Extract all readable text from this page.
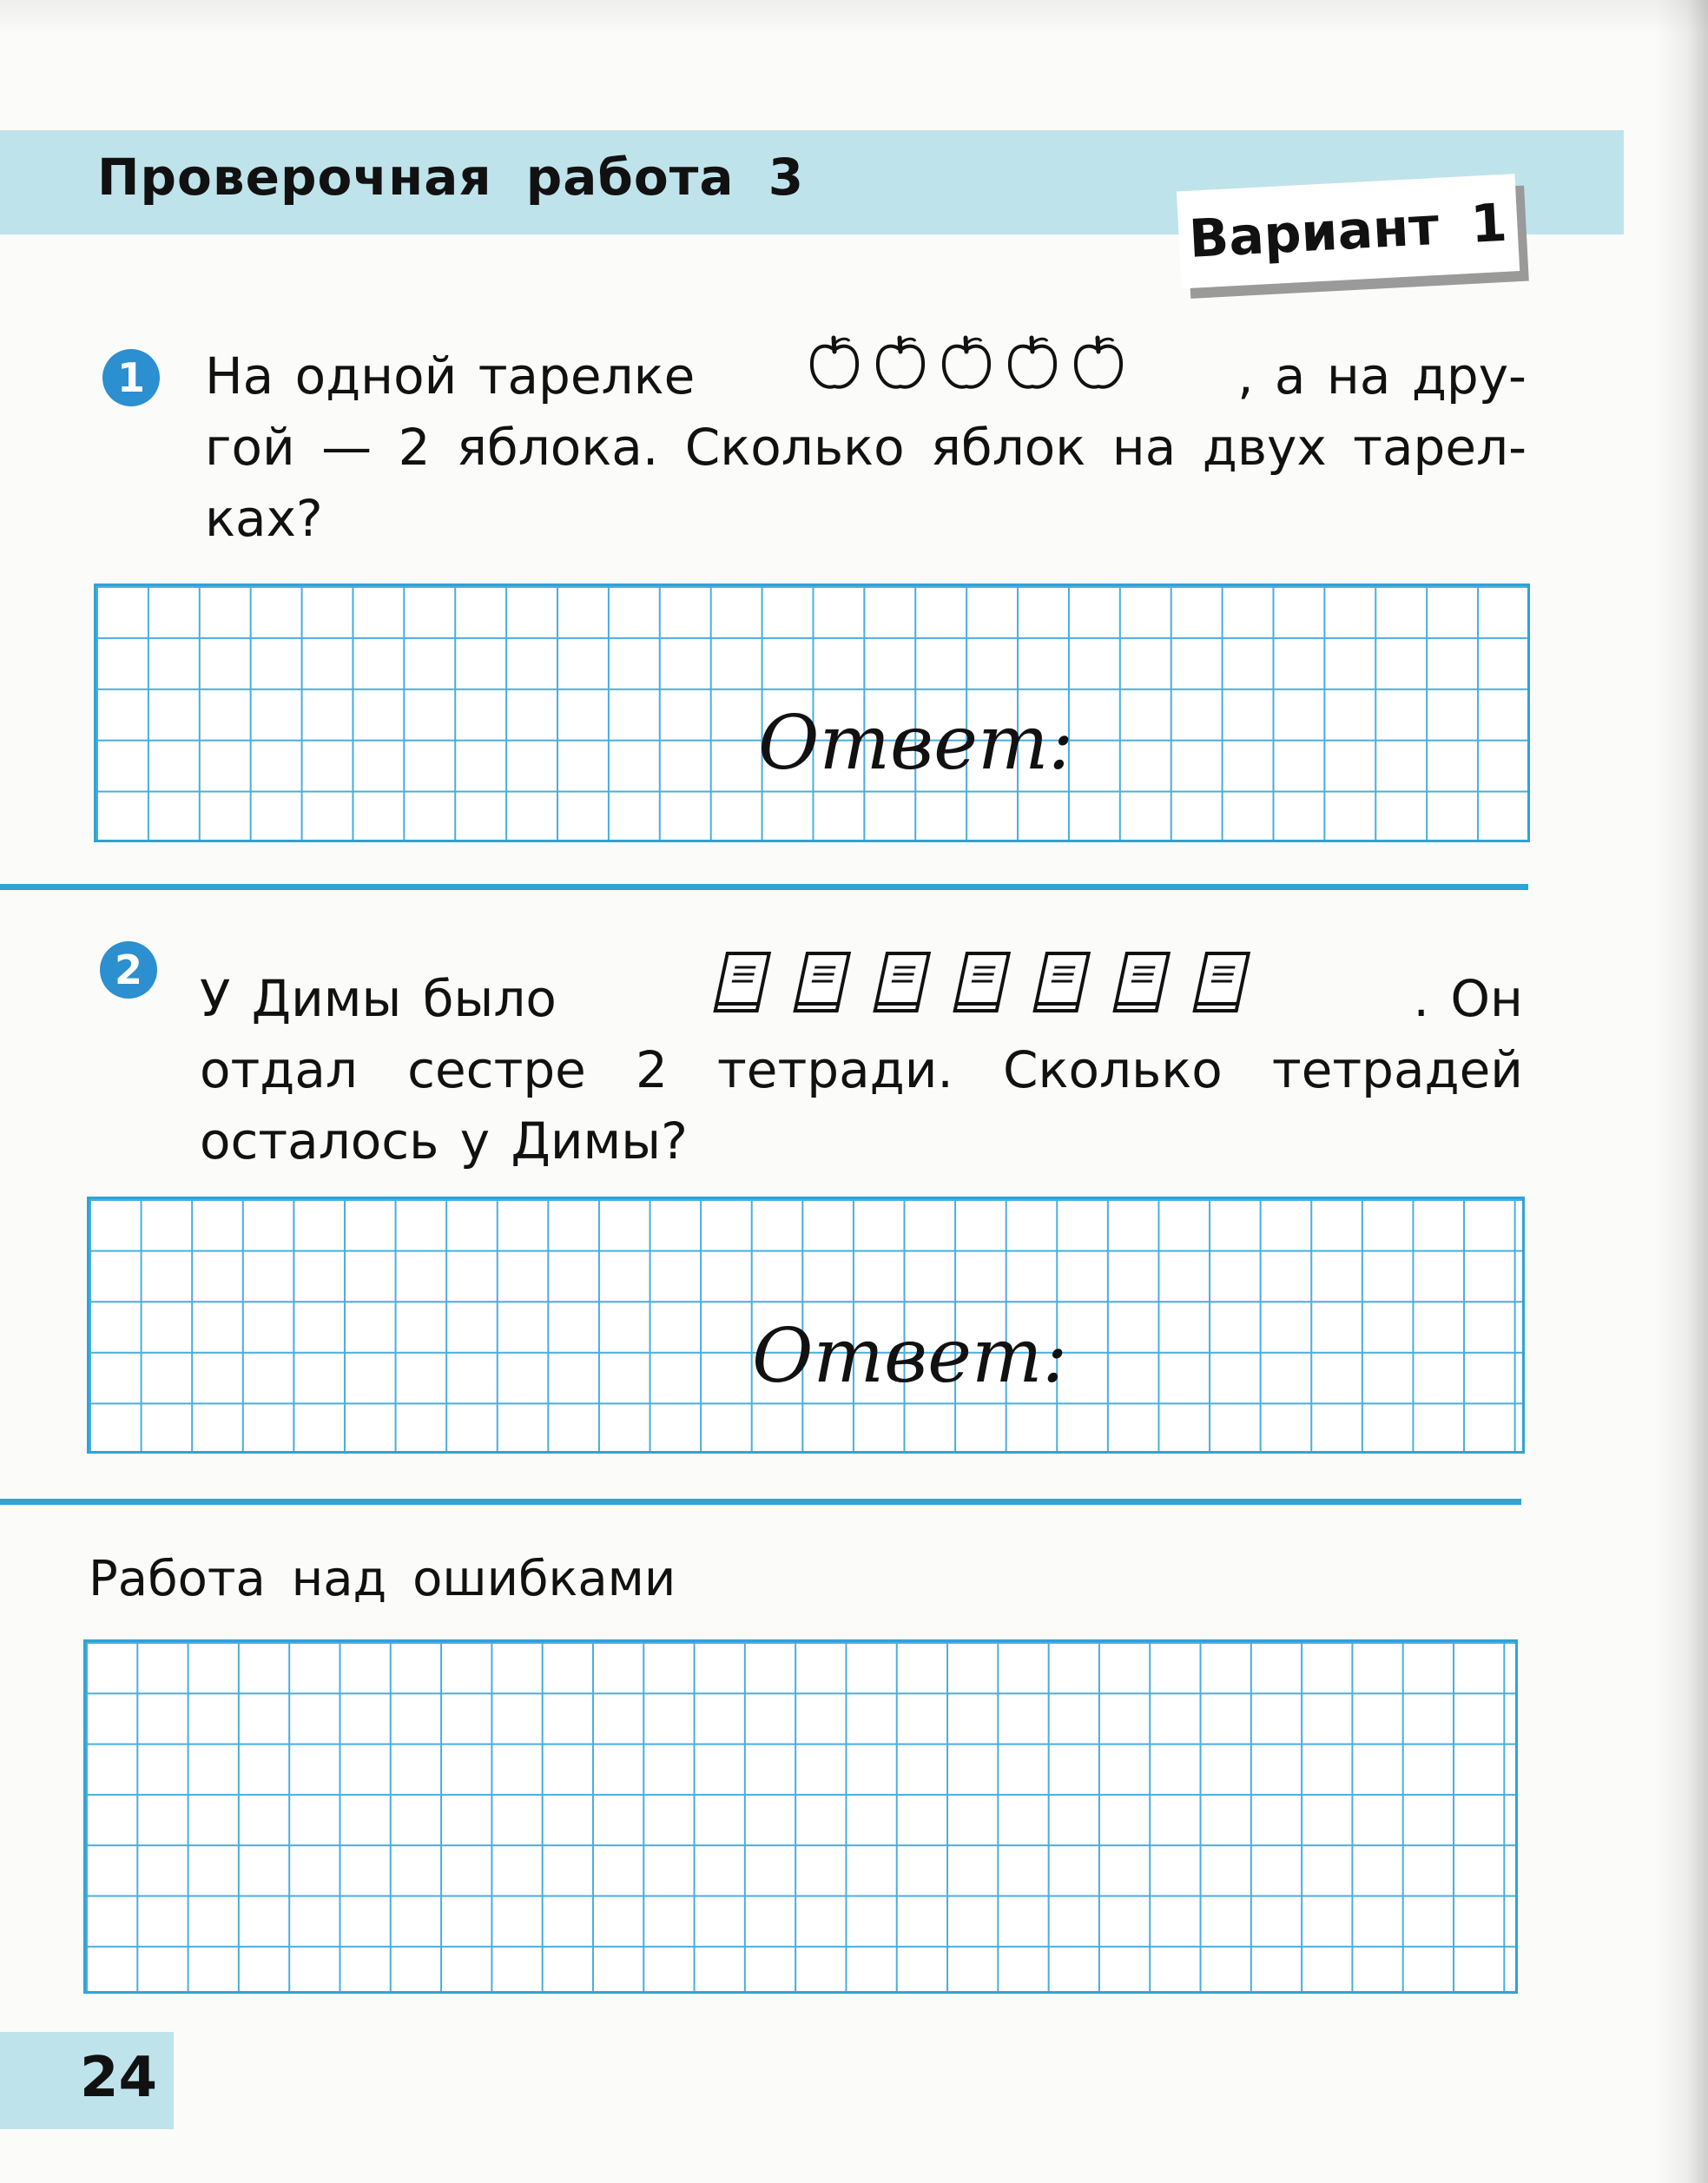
Проверочная работа 3
Вариант 1
1 На одной тарелке	, а на дру-
гой — 2 яблока. Сколько яблок на двух тарел-
ках?
Ответ:
2 У Димы было	. Он
отдал сестре 2 тетради. Сколько тетрадей
осталось у Димы?
Ответ:
Работа над ошибками
24
